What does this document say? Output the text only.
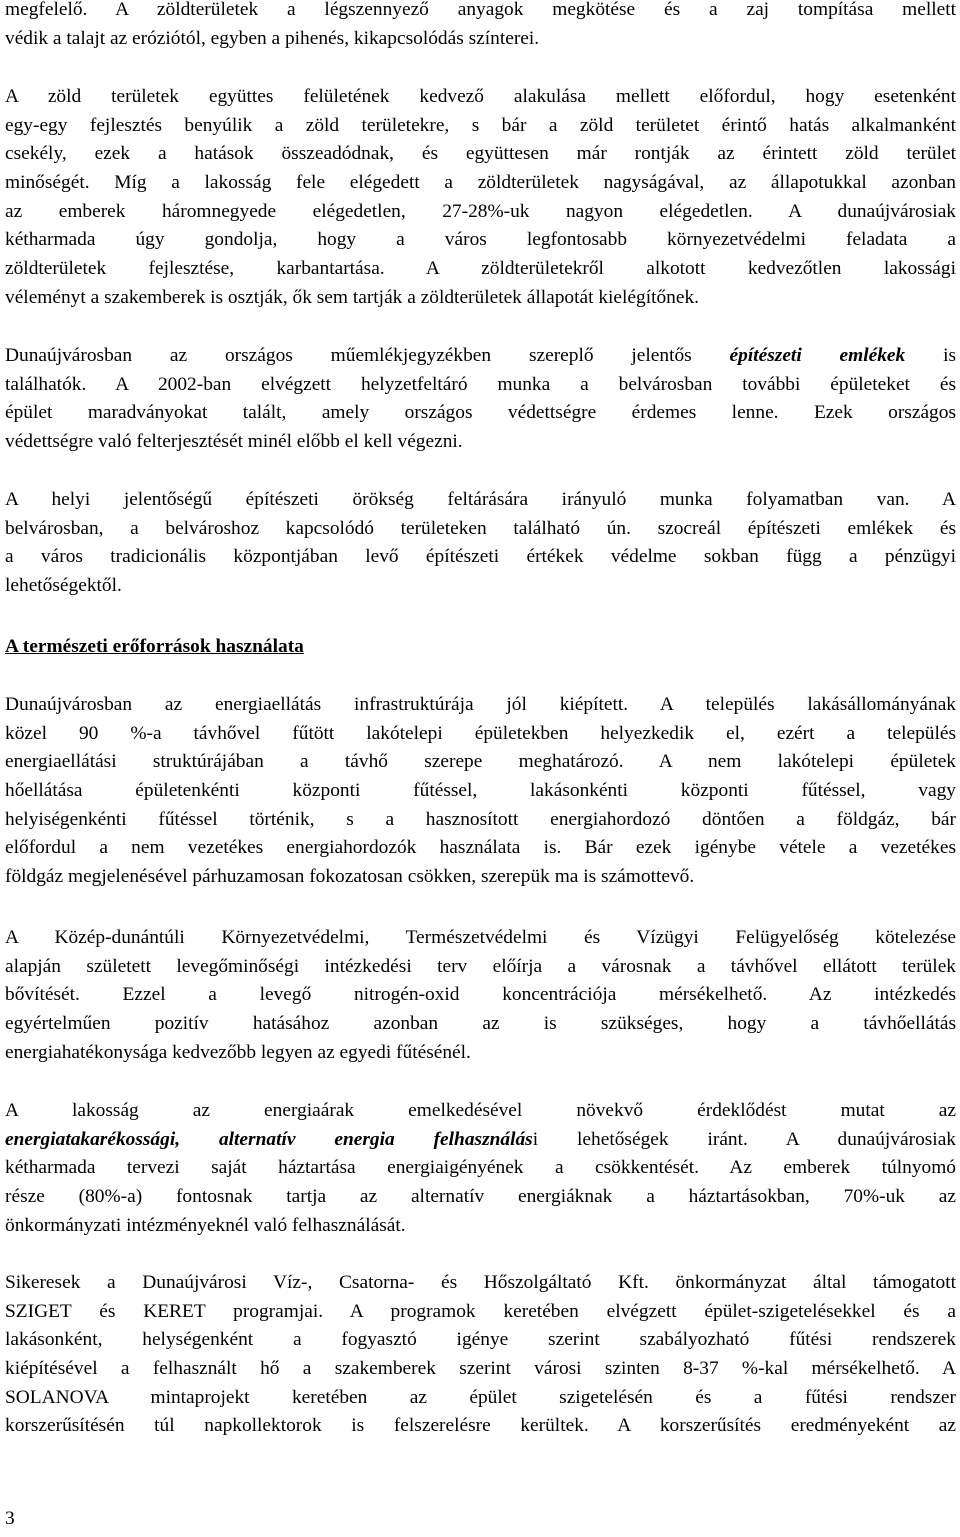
megfelelő. A zöldterületek a légszennyező anyagok megkötése és a zaj tompítása mellett
védik a talajt az eróziótól, egyben a pihenés, kikapcsolódás színterei.
A zöld területek együttes felületének kedvező alakulása mellett előfordul, hogy esetenként
egy-egy fejlesztés benyúlik a zöld területekre, s bár a zöld területet érintő hatás alkalmanként
csekély, ezek a hatások összeadódnak, és együttesen már rontják az érintett zöld terület
minőségét. Míg a lakosság fele elégedett a zöldterületek nagyságával, az állapotukkal azonban
az emberek háromnegyede elégedetlen, 27-28%-uk nagyon elégedetlen. A dunaújvárosiak
kétharmada úgy gondolja, hogy a város legfontosabb környezetvédelmi feladata a
zöldterületek fejlesztése, karbantartása. A zöldterületekről alkotott kedvezőtlen lakossági
véleményt a szakemberek is osztják, ők sem tartják a zöldterületek állapotát kielégítőnek.
Dunaújvárosban az országos műemlékjegyzékben szereplő jelentős építészeti emlékek is
találhatók. A 2002-ban elvégzett helyzetfeltáró munka a belvárosban további épületeket és
épület maradványokat talált, amely országos védettségre érdemes lenne. Ezek országos
védettségre való felterjesztését minél előbb el kell végezni.
A helyi jelentőségű építészeti örökség feltárására irányuló munka folyamatban van. A
belvárosban, a belvároshoz kapcsolódó területeken található ún. szocreál építészeti emlékek és
a város tradicionális központjában levő építészeti értékek védelme sokban függ a pénzügyi
lehetőségektől.
A természeti erőforrások használata
Dunaújvárosban az energiaellátás infrastruktúrája jól kiépített. A település lakásállományának
közel 90 %-a távhővel fűtött lakótelepi épületekben helyezkedik el, ezért a település
energiaellátási struktúrájában a távhő szerepe meghatározó. A nem lakótelepi épületek
hőellátása épületenkénti központi fűtéssel, lakásonkénti központi fűtéssel, vagy
helyiségenkénti fűtéssel történik, s a hasznosított energiahordozó döntően a földgáz, bár
előfordul a nem vezetékes energiahordozók használata is. Bár ezek igénybe vétele a vezetékes
földgáz megjelenésével párhuzamosan fokozatosan csökken, szerepük ma is számottevő.
A Közép-dunántúli Környezetvédelmi, Természetvédelmi és Vízügyi Felügyelőség kötelezése
alapján született levegőminőségi intézkedési terv előírja a városnak a távhővel ellátott terülek
bővítését. Ezzel a levegő nitrogén-oxid koncentrációja mérsékelhető. Az intézkedés
egyértelműen pozitív hatásához azonban az is szükséges, hogy a távhőellátás
energiahatékonysága kedvezőbb legyen az egyedi fűtésénél.
A lakosság az energiaárak emelkedésével növekvő érdeklődést mutat az
energiatakarékossági, alternatív energia felhasználási lehetőségek iránt. A dunaújvárosiak
kétharmada tervezi saját háztartása energiaigényének a csökkentését. Az emberek túlnyomó
része (80%-a) fontosnak tartja az alternatív energiáknak a háztartásokban, 70%-uk az
önkormányzati intézményeknél való felhasználását.
Sikeresek a Dunaújvárosi Víz-, Csatorna- és Hőszolgáltató Kft. önkormányzat által támogatott
SZIGET és KERET programjai. A programok keretében elvégzett épület-szigetelésekkel és a
lakásonként, helységenként a fogyasztó igénye szerint szabályozható fűtési rendszerek
kiépítésével a felhasznált hő a szakemberek szerint városi szinten 8-37 %-kal mérsékelhető. A
SOLANOVA mintaprojekt keretében az épület szigetelésén és a fűtési rendszer
korszerűsítésén túl napkollektorok is felszerelésre kerültek. A korszerűsítés eredményeként az
3
